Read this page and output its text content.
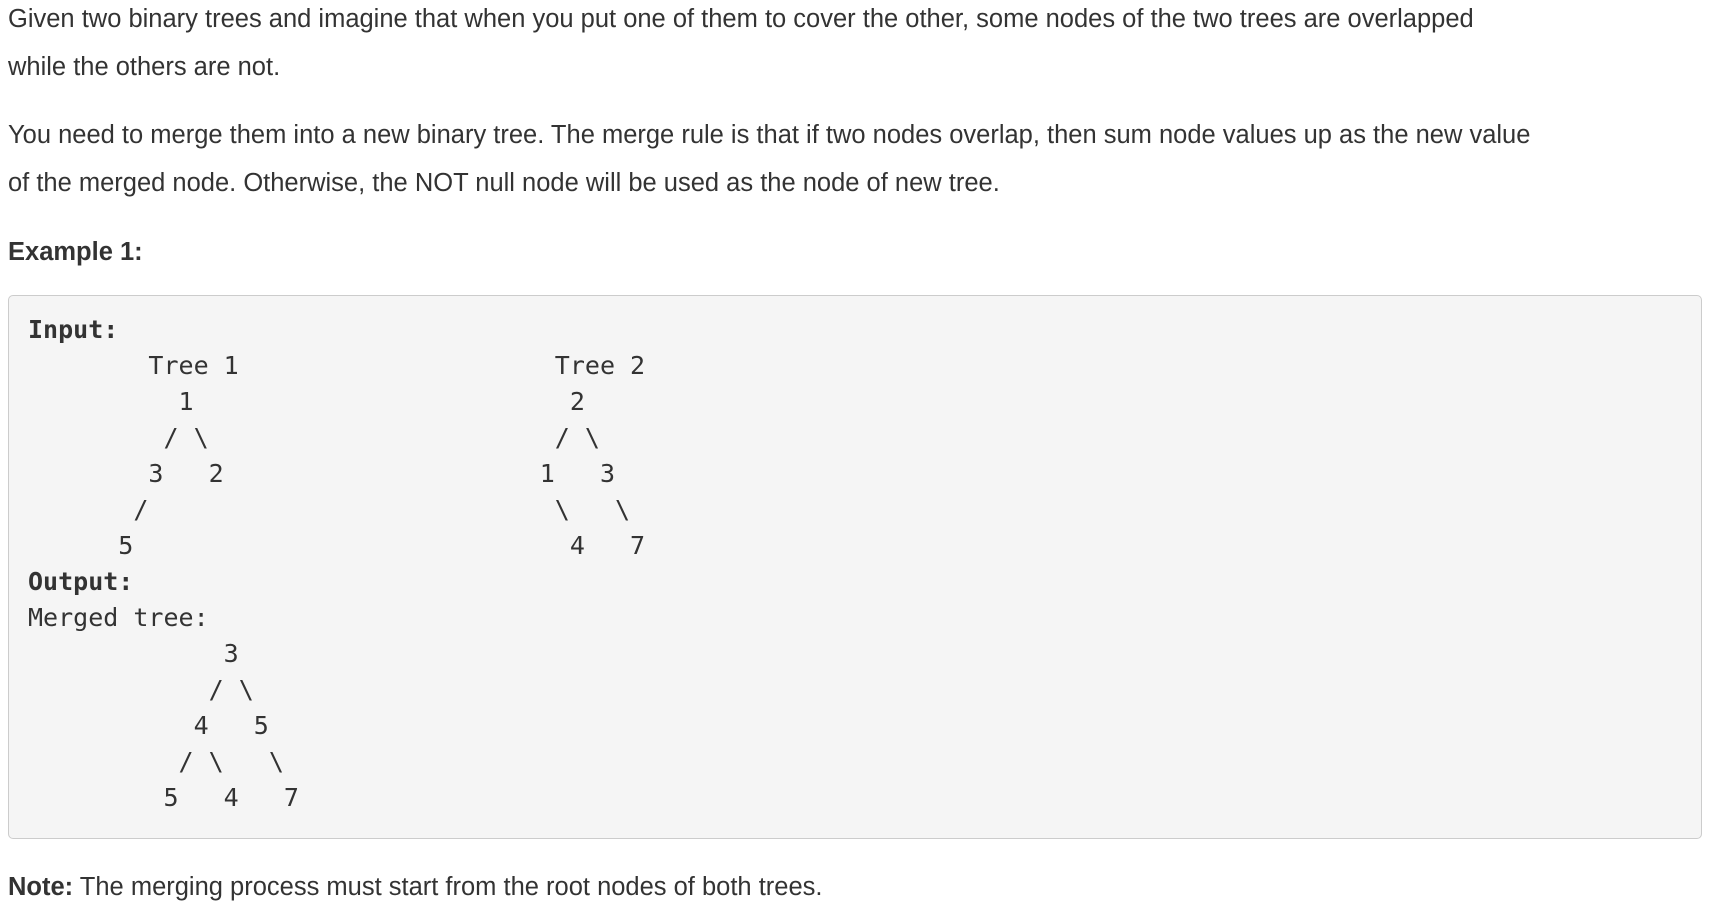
Given two binary trees and imagine that when you put one of them to cover the other, some nodes of the two trees are overlapped
while the others are not.
You need to merge them into a new binary tree. The merge rule is that if two nodes overlap, then sum node values up as the new value
of the merged node. Otherwise, the NOT null node will be used as the node of new tree.
Example 1:
Input:
Tree 1                     Tree 2
1                         2
/ \                       / \
3   2                     1   3
/                           \   \
5                             4   7
Output:
Merged tree:
	3
	/ \
	4   5
	/ \   \
	5   4   7
Note: The merging process must start from the root nodes of both trees.
